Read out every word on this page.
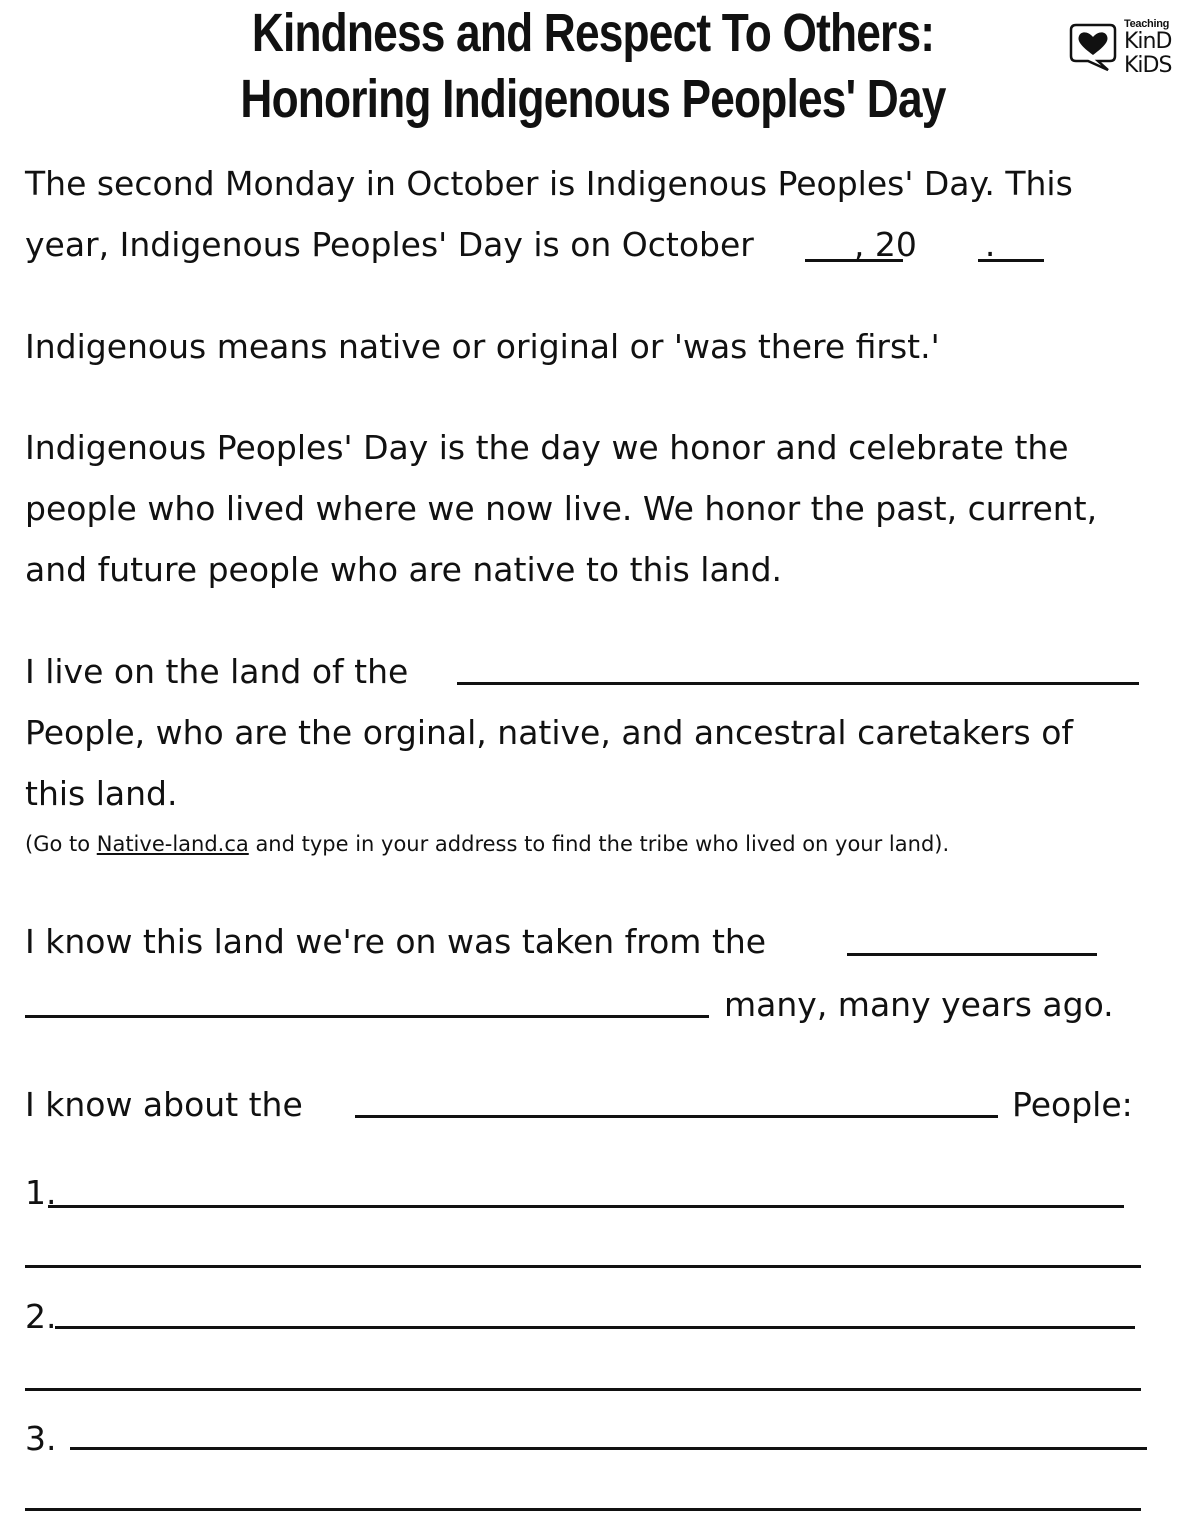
Kindness and Respect To Others:
Honoring Indigenous Peoples' Day
Teaching
KinD
KiDS
The second Monday in October is Indigenous Peoples' Day. This
year, Indigenous Peoples' Day is on October	, 20 .
Indigenous means native or original or 'was there first.'
Indigenous Peoples' Day is the day we honor and celebrate the
people who lived where we now live. We honor the past, current,
and future people who are native to this land.
I live on the land of the
People, who are the orginal, native, and ancestral caretakers of
this land.
(Go to Native-land.ca and type in your address to find the tribe who lived on your land).
I know this land we're on was taken from the
many, many years ago.
I know about the	People:
1.
2.
3.
